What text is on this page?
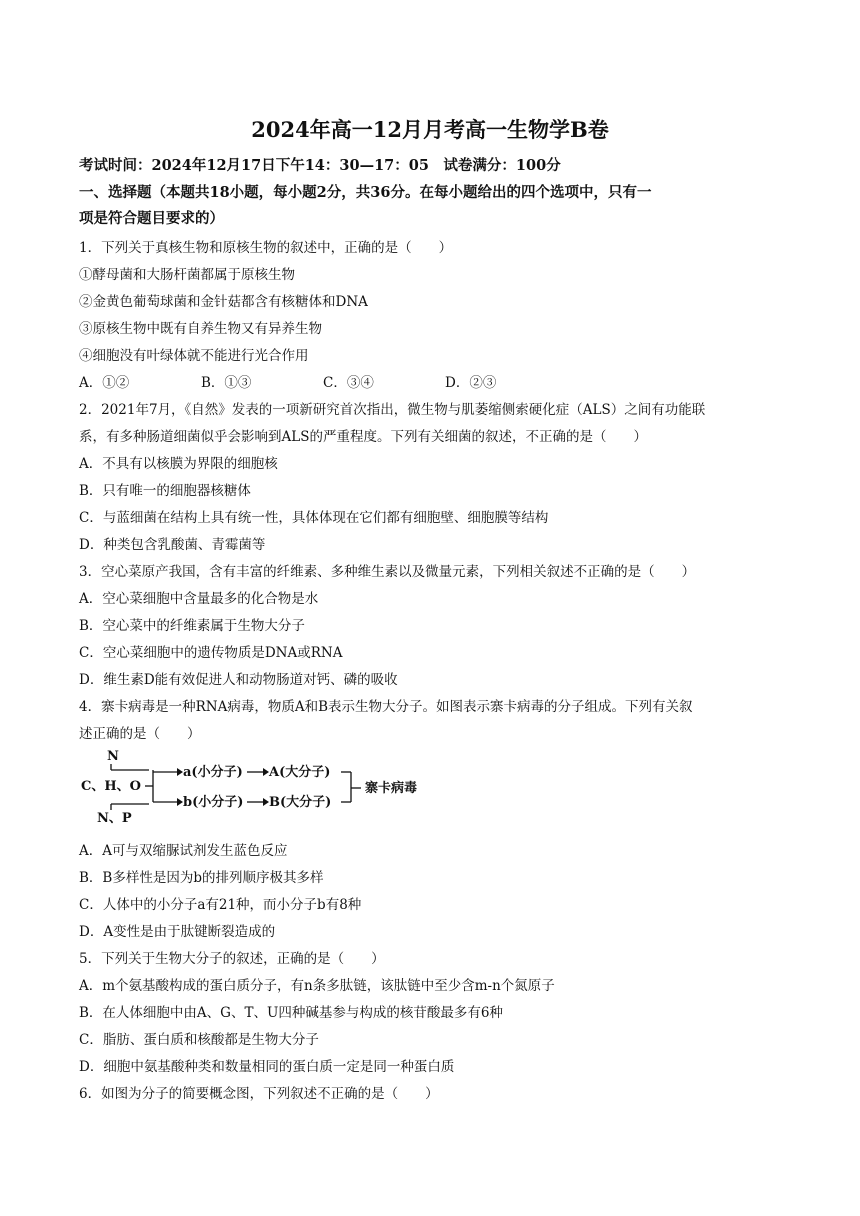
2024年高一12月月考高一生物学B卷
考试时间：2024年12月17日下午14：30—17：05　试卷满分：100分
一、选择题（本题共18小题，每小题2分，共36分。在每小题给出的四个选项中，只有一
项是符合题目要求的）
1．下列关于真核生物和原核生物的叙述中，正确的是（　　）
①酵母菌和大肠杆菌都属于原核生物
②金黄色葡萄球菌和金针菇都含有核糖体和DNA
③原核生物中既有自养生物又有异养生物
④细胞没有叶绿体就不能进行光合作用
A．①②	B．①③	C．③④	D．②③
2．2021年7月，《自然》发表的一项新研究首次指出，微生物与肌萎缩侧索硬化症（ALS）之间有功能联
系，有多种肠道细菌似乎会影响到ALS的严重程度。下列有关细菌的叙述，不正确的是（　　）
A．不具有以核膜为界限的细胞核
B．只有唯一的细胞器核糖体
C．与蓝细菌在结构上具有统一性，具体体现在它们都有细胞壁、细胞膜等结构
D．种类包含乳酸菌、青霉菌等
3．空心菜原产我国，含有丰富的纤维素、多种维生素以及微量元素，下列相关叙述不正确的是（　　）
A．空心菜细胞中含量最多的化合物是水
B．空心菜中的纤维素属于生物大分子
C．空心菜细胞中的遗传物质是DNA或RNA
D．维生素D能有效促进人和动物肠道对钙、磷的吸收
4．寨卡病毒是一种RNA病毒，物质A和B表示生物大分子。如图表示寨卡病毒的分子组成。下列有关叙
述正确的是（　　）
N
C、H、O
N、P
a(小分子) A(大分子)
b(小分子) B(大分子)
寨卡病毒
A．A可与双缩脲试剂发生蓝色反应
B．B多样性是因为b的排列顺序极其多样
C．人体中的小分子a有21种，而小分子b有8种
D．A变性是由于肽键断裂造成的
5．下列关于生物大分子的叙述，正确的是（　　）
A．m个氨基酸构成的蛋白质分子，有n条多肽链，该肽链中至少含m-n个氮原子
B．在人体细胞中由A、G、T、U四种碱基参与构成的核苷酸最多有6种
C．脂肪、蛋白质和核酸都是生物大分子
D．细胞中氨基酸种类和数量相同的蛋白质一定是同一种蛋白质
6．如图为分子的简要概念图，下列叙述不正确的是（　　）
